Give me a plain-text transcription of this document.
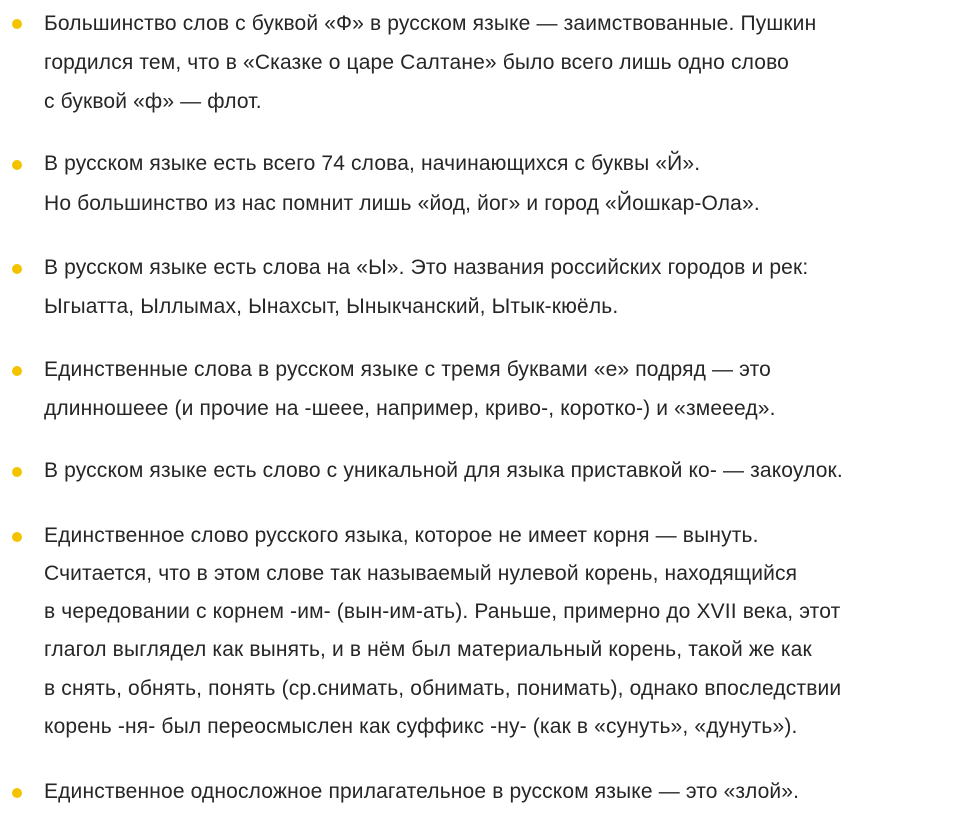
Большинство слов с буквой «Ф» в русском языке — заимствованные. Пушкин
гордился тем, что в «Сказке о царе Салтане» было всего лишь одно слово
с буквой «ф» — флот.
В русском языке есть всего 74 слова, начинающихся с буквы «Й».
Но большинство из нас помнит лишь «йод, йог» и город «Йошкар-Ола».
В русском языке есть слова на «Ы». Это названия российских городов и рек:
Ыгыатта, Ыллымах, Ынахсыт, Ыныкчанский, Ытык-кюёль.
Единственные слова в русском языке с тремя буквами «е» подряд — это
длинношеее (и прочие на -шеее, например, криво-, коротко-) и «змееед».
В русском языке есть слово с уникальной для языка приставкой ко- — закоулок.
Единственное слово русского языка, которое не имеет корня — вынуть.
Считается, что в этом слове так называемый нулевой корень, находящийся
в чередовании с корнем -им- (вын-им-ать). Раньше, примерно до XVII века, этот
глагол выглядел как вынять, и в нём был материальный корень, такой же как
в снять, обнять, понять (ср.снимать, обнимать, понимать), однако впоследствии
корень -ня- был переосмыслен как суффикс -ну- (как в «сунуть», «дунуть»).
Единственное односложное прилагательное в русском языке — это «злой».
